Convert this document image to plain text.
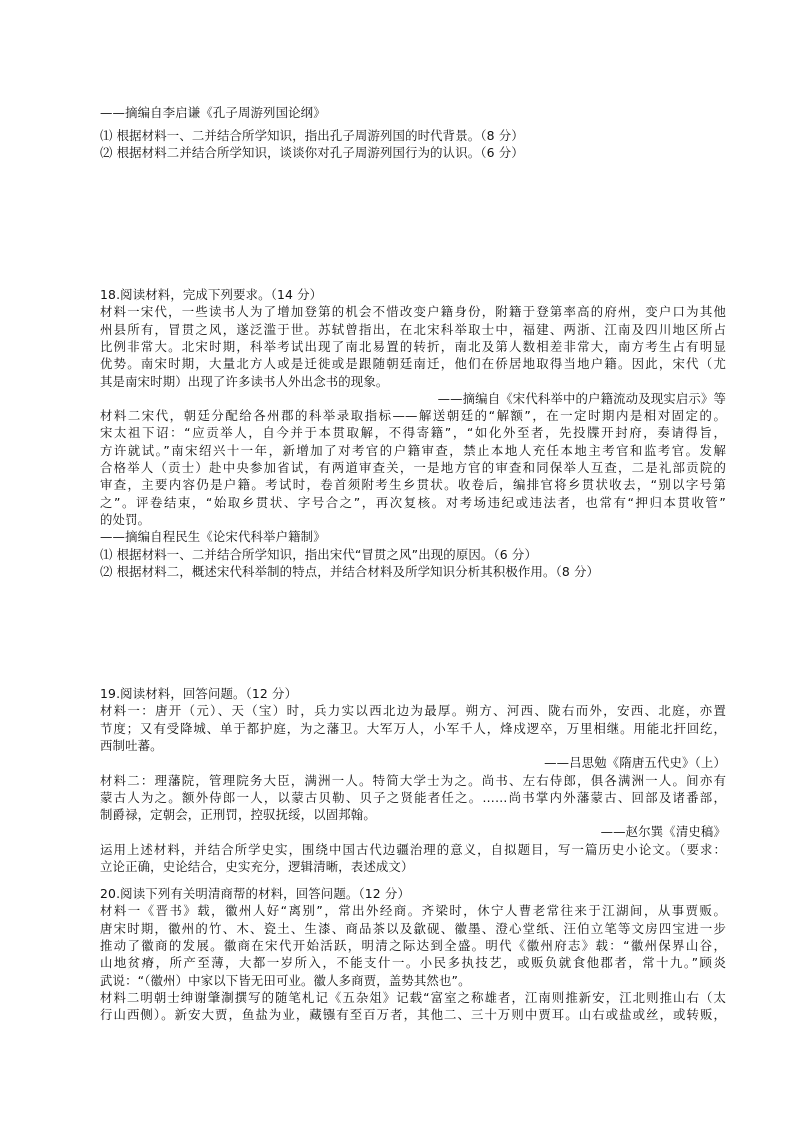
——摘编自李启谦《孔子周游列国论纲》
⑴ 根据材料一、二并结合所学知识，指出孔子周游列国的时代背景。（8 分）
⑵ 根据材料二并结合所学知识，谈谈你对孔子周游列国行为的认识。（6 分）
18.阅读材料，完成下列要求。（14 分）
材料一宋代，一些读书人为了增加登第的机会不惜改变户籍身份，附籍于登第率高的府州，变户口为其他
州县所有，冒贯之风，遂泛滥于世。苏轼曾指出，在北宋科举取士中，福建、两浙、江南及四川地区所占
比例非常大。北宋时期，科举考试出现了南北易置的转折，南北及第人数相差非常大，南方考生占有明显
优势。南宋时期，大量北方人或是迁徙或是跟随朝廷南迁，他们在侨居地取得当地户籍。因此，宋代（尤
其是南宋时期）出现了许多读书人外出念书的现象。
——摘编自《宋代科举中的户籍流动及现实启示》等
材料二宋代，朝廷分配给各州郡的科举录取指标——解送朝廷的“解额”，在一定时期内是相对固定的。
宋太祖下诏：“应贡举人，自今并于本贯取解，不得寄籍”，“如化外至者，先投牒开封府，奏请得旨，
方许就试。”南宋绍兴十一年，新增加了对考官的户籍审查，禁止本地人充任本地主考官和监考官。发解
合格举人（贡士）赴中央参加省试，有两道审查关，一是地方官的审查和同保举人互查，二是礼部贡院的
审查，主要内容仍是户籍。考试时，卷首须附考生乡贯状。收卷后，编排官将乡贯状收去，“别以字号第
之”。评卷结束，“始取乡贯状、字号合之”，再次复核。对考场违纪或违法者，也常有“押归本贯收管”
的处罚。
——摘编自程民生《论宋代科举户籍制》
⑴ 根据材料一、二并结合所学知识，指出宋代“冒贯之风”出现的原因。（6 分）
⑵ 根据材料二，概述宋代科举制的特点，并结合材料及所学知识分析其积极作用。（8 分）
19.阅读材料，回答问题。（12 分）
材料一：唐开（元）、天（宝）时，兵力实以西北边为最厚。朔方、河西、陇右而外，安西、北庭，亦置
节度；又有受降城、单于都护庭，为之藩卫。大军万人，小军千人，烽戍逻卒，万里相继。用能北扞回纥，
西制吐蕃。
——吕思勉《隋唐五代史》（上）
材料二：理藩院，管理院务大臣，满洲一人。特简大学士为之。尚书、左右侍郎，俱各满洲一人。间亦有
蒙古人为之。额外侍郎一人，以蒙古贝勒、贝子之贤能者任之。……尚书掌内外藩蒙古、回部及诸番部，
制爵禄，定朝会，正刑罚，控驭抚绥，以固邦翰。
——赵尔巽《清史稿》
运用上述材料，并结合所学史实，围绕中国古代边疆治理的意义，自拟题目，写一篇历史小论文。（要求：
立论正确，史论结合，史实充分，逻辑清晰，表述成文）
20.阅读下列有关明清商帮的材料，回答问题。（12 分）
材料一《晋书》载，徽州人好“离别”，常出外经商。齐梁时，休宁人曹老常往来于江湖间，从事贾贩。
唐宋时期，徽州的竹、木、瓷土、生漆、商品茶以及歙砚、徽墨、澄心堂纸、汪伯立笔等文房四宝进一步
推动了徽商的发展。徽商在宋代开始活跃，明清之际达到全盛。明代《徽州府志》载：“徽州保界山谷，
山地贫瘠，所产至薄，大都一岁所入，不能支什一。小民多执技艺，或贩负就食他郡者，常十九。”顾炎
武说：“（徽州）中家以下皆无田可业。徽人多商贾，盖势其然也”。
材料二明朝士绅谢肇淛撰写的随笔札记《五杂俎》记载“富室之称雄者，江南则推新安，江北则推山右（太
行山西侧）。新安大贾，鱼盐为业，藏镪有至百万者，其他二、三十万则中贾耳。山右或盐或丝，或转贩，
